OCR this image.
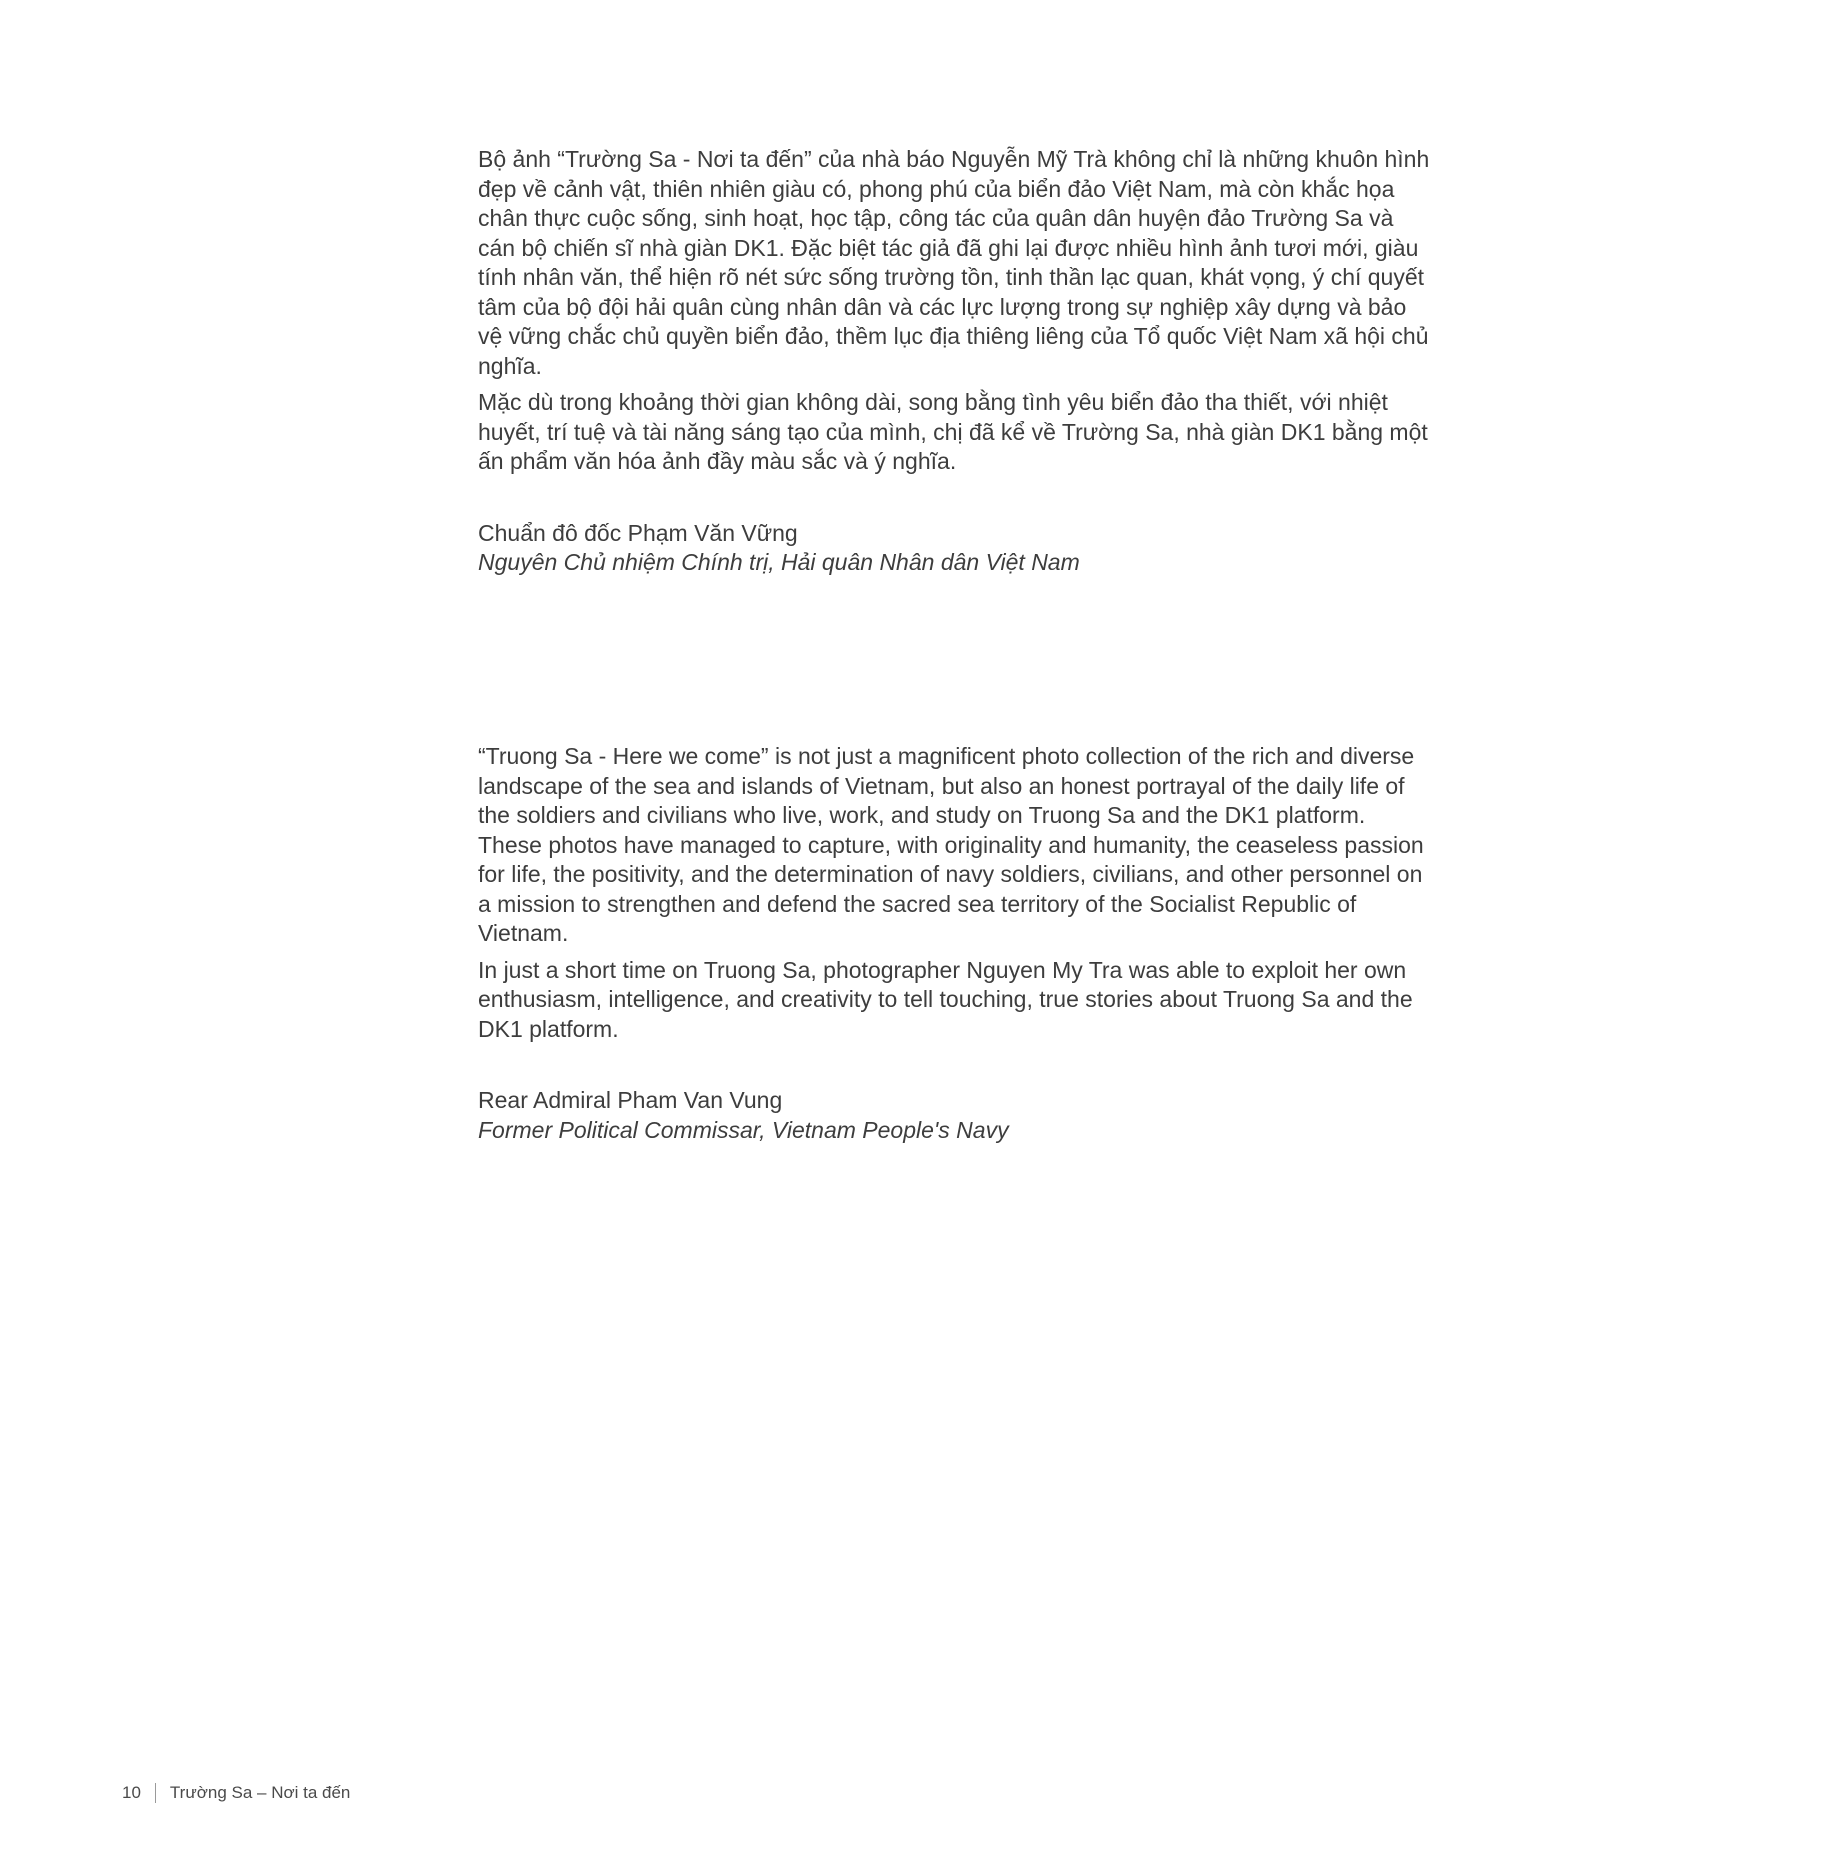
Bộ ảnh “Trường Sa - Nơi ta đến” của nhà báo Nguyễn Mỹ Trà không chỉ là những khuôn hình đẹp về cảnh vật, thiên nhiên giàu có, phong phú của biển đảo Việt Nam, mà còn khắc họa chân thực cuộc sống, sinh hoạt, học tập, công tác của quân dân huyện đảo Trường Sa và cán bộ chiến sĩ nhà giàn DK1. Đặc biệt tác giả đã ghi lại được nhiều hình ảnh tươi mới, giàu tính nhân văn, thể hiện rõ nét sức sống trường tồn, tinh thần lạc quan, khát vọng, ý chí quyết tâm của bộ đội hải quân cùng nhân dân và các lực lượng trong sự nghiệp xây dựng và bảo vệ vững chắc chủ quyền biển đảo, thềm lục địa thiêng liêng của Tổ quốc Việt Nam xã hội chủ nghĩa.

Mặc dù trong khoảng thời gian không dài, song bằng tình yêu biển đảo tha thiết, với nhiệt huyết, trí tuệ và tài năng sáng tạo của mình, chị đã kể về Trường Sa, nhà giàn DK1 bằng một ấn phẩm văn hóa ảnh đầy màu sắc và ý nghĩa.

Chuẩn đô đốc Phạm Văn Vững

Nguyên Chủ nhiệm Chính trị, Hải quân Nhân dân Việt Nam

“Truong Sa - Here we come” is not just a magnificent photo collection of the rich and diverse landscape of the sea and islands of Vietnam, but also an honest portrayal of the daily life of the soldiers and civilians who live, work, and study on Truong Sa and the DK1 platform. These photos have managed to capture, with originality and humanity, the ceaseless passion for life, the positivity, and the determination of navy soldiers, civilians, and other personnel on a mission to strengthen and defend the sacred sea territory of the Socialist Republic of Vietnam.

In just a short time on Truong Sa, photographer Nguyen My Tra was able to exploit her own enthusiasm, intelligence, and creativity to tell touching, true stories about Truong Sa and the DK1 platform.

Rear Admiral Pham Van Vung

Former Political Commissar, Vietnam People's Navy

10 Trường Sa – Nơi ta đến
